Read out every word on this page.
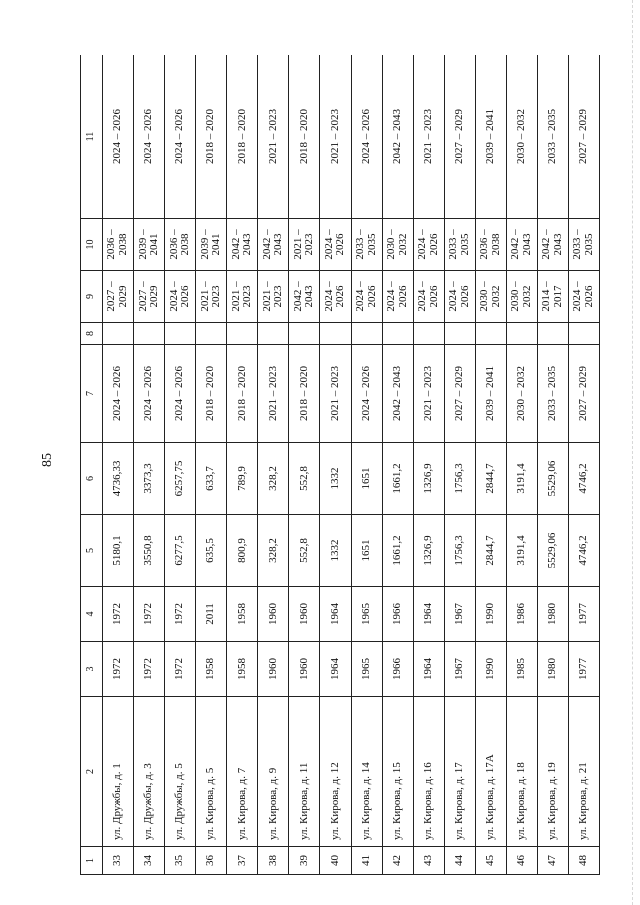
85
1	2	3	4	5	6	7	8	9	10	11
33	ул. Дружбы, д. 1	1972	1972	5180,1	4736,33	2024 – 2026		2027 – 2029	2036 – 2038	2024 – 2026
34	ул. Дружбы, д. 3	1972	1972	3550,8	3373,3	2024 – 2026		2027 – 2029	2039 – 2041	2024 – 2026
35	ул. Дружбы, д. 5	1972	1972	6277,5	6257,75	2024 – 2026		2024 – 2026	2036 – 2038	2024 – 2026
36	ул. Кирова, д. 5	1958	2011	635,5	633,7	2018 – 2020		2021 – 2023	2039 – 2041	2018 – 2020
37	ул. Кирова, д. 7	1958	1958	800,9	789,9	2018 – 2020		2021 – 2023	2042 – 2043	2018 – 2020
38	ул. Кирова, д. 9	1960	1960	328,2	328,2	2021 – 2023		2021 – 2023	2042 – 2043	2021 – 2023
39	ул. Кирова, д. 11	1960	1960	552,8	552,8	2018 – 2020		2042 – 2043	2021 – 2023	2018 – 2020
40	ул. Кирова, д. 12	1964	1964	1332	1332	2021 – 2023		2024 – 2026	2024 – 2026	2021 – 2023
41	ул. Кирова, д. 14	1965	1965	1651	1651	2024 – 2026		2024 – 2026	2033 – 2035	2024 – 2026
42	ул. Кирова, д. 15	1966	1966	1661,2	1661,2	2042 – 2043		2024 – 2026	2030 – 2032	2042 – 2043
43	ул. Кирова, д. 16	1964	1964	1326,9	1326,9	2021 – 2023		2024 – 2026	2024 – 2026	2021 – 2023
44	ул. Кирова, д. 17	1967	1967	1756,3	1756,3	2027 – 2029		2024 – 2026	2033 – 2035	2027 – 2029
45	ул. Кирова, д. 17А	1990	1990	2844,7	2844,7	2039 – 2041		2030 – 2032	2036 – 2038	2039 – 2041
46	ул. Кирова, д. 18	1985	1986	3191,4	3191,4	2030 – 2032		2030 – 2032	2042 – 2043	2030 – 2032
47	ул. Кирова, д. 19	1980	1980	5529,06	5529,06	2033 – 2035		2014 – 2017	2042 – 2043	2033 – 2035
48	ул. Кирова, д. 21	1977	1977	4746,2	4746,2	2027 – 2029		2024 – 2026	2033 – 2035	2027 – 2029
